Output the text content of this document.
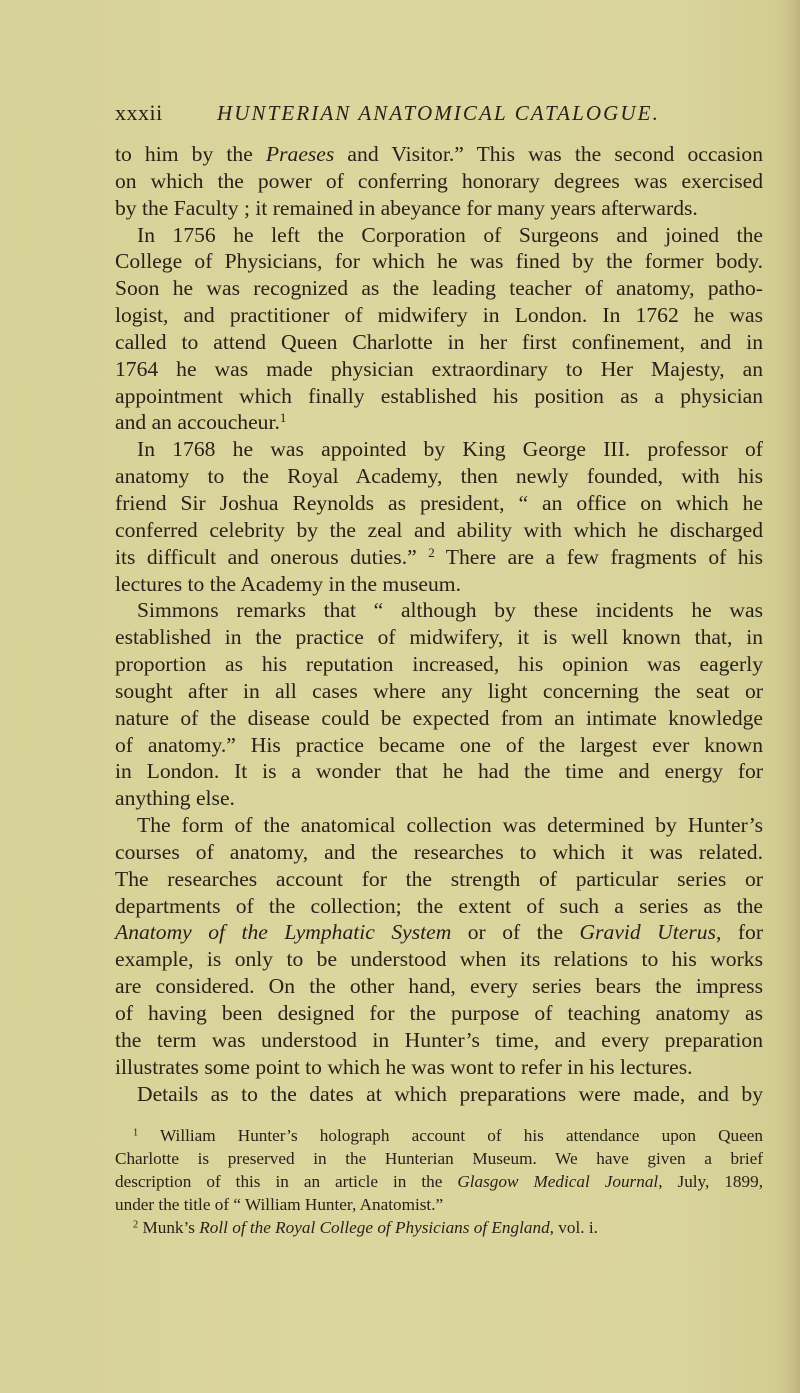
xxxii	HUNTERIAN ANATOMICAL CATALOGUE.
to him by the Praeses and Visitor.” This was the second occasion
on which the power of conferring honorary degrees was exercised
by the Faculty ; it remained in abeyance for many years afterwards.
In 1756 he left the Corporation of Surgeons and joined the
College of Physicians, for which he was fined by the former body.
Soon he was recognized as the leading teacher of anatomy, patho-
logist, and practitioner of midwifery in London. In 1762 he was
called to attend Queen Charlotte in her first confinement, and in
1764 he was made physician extraordinary to Her Majesty, an
appointment which finally established his position as a physician
and an accoucheur.$^1$
In 1768 he was appointed by King George III. professor of
anatomy to the Royal Academy, then newly founded, with his
friend Sir Joshua Reynolds as president, “ an office on which he
conferred celebrity by the zeal and ability with which he discharged
its difficult and onerous duties.” $^2$ There are a few fragments of his
lectures to the Academy in the museum.
Simmons remarks that “ although by these incidents he was
established in the practice of midwifery, it is well known that, in
proportion as his reputation increased, his opinion was eagerly
sought after in all cases where any light concerning the seat or
nature of the disease could be expected from an intimate knowledge
of anatomy.” His practice became one of the largest ever known
in London. It is a wonder that he had the time and energy for
anything else.
The form of the anatomical collection was determined by Hunter’s
courses of anatomy, and the researches to which it was related.
The researches account for the strength of particular series or
departments of the collection; the extent of such a series as the
Anatomy of the Lymphatic System or of the Gravid Uterus, for
example, is only to be understood when its relations to his works
are considered. On the other hand, every series bears the impress
of having been designed for the purpose of teaching anatomy as
the term was understood in Hunter’s time, and every preparation
illustrates some point to which he was wont to refer in his lectures.
Details as to the dates at which preparations were made, and by
$^1$ William Hunter’s holograph account of his attendance upon Queen
Charlotte is preserved in the Hunterian Museum. We have given a brief
description of this in an article in the Glasgow Medical Journal, July, 1899,
under the title of “ William Hunter, Anatomist.”
$^2$ Munk’s Roll of the Royal College of Physicians of England, vol. i.
